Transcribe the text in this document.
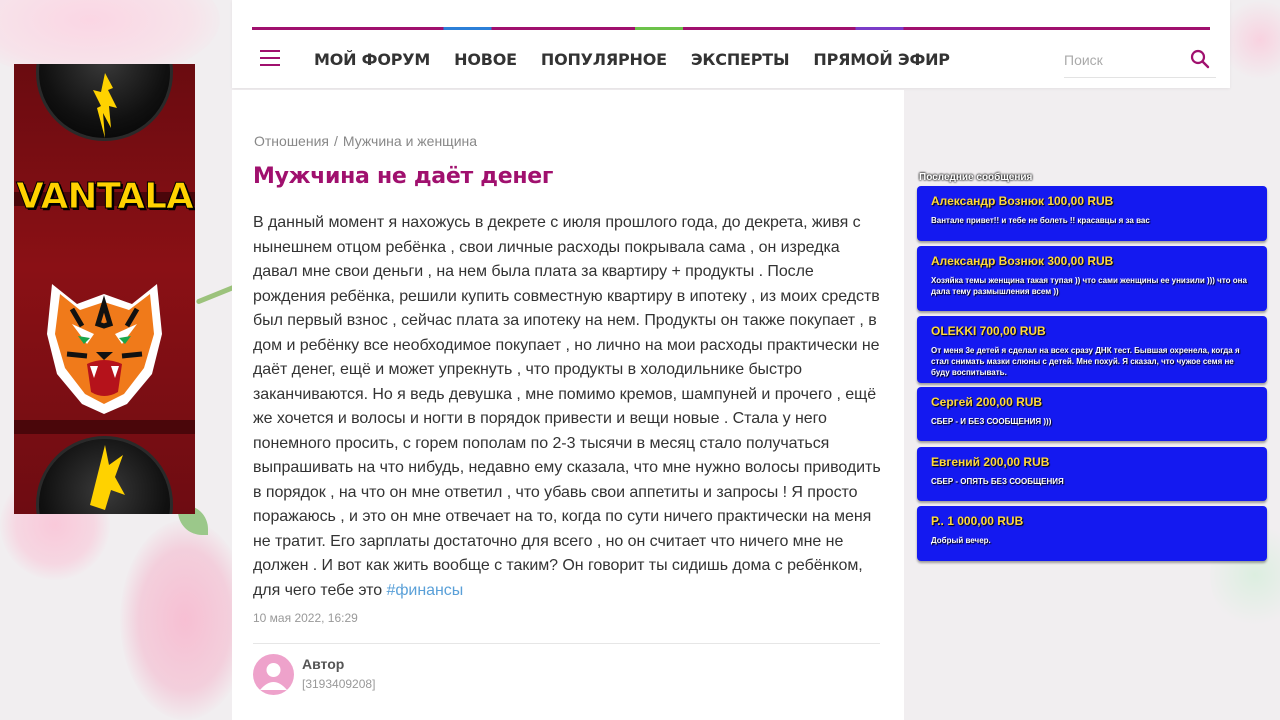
VANTALA
МОЙ ФОРУМ НОВОЕ ПОПУЛЯРНОЕ ЭКСПЕРТЫ ПРЯМОЙ ЭФИР
Поиск
Отношения / Мужчина и женщина
Мужчина не даёт денег
В данный момент я нахожусь в декрете с июля прошлого года, до декрета, живя с нынешнем отцом ребёнка , свои личные расходы покрывала сама , он изредка давал мне свои деньги , на нем была плата за квартиру + продукты . После рождения ребёнка, решили купить совместную квартиру в ипотеку , из моих средств был первый взнос , сейчас плата за ипотеку на нем. Продукты он также покупает , в дом и ребёнку все необходимое покупает , но лично на мои расходы практически не даёт денег, ещё и может упрекнуть , что продукты в холодильнике быстро заканчиваются. Но я ведь девушка , мне помимо кремов, шампуней и прочего , ещё же хочется и волосы и ногти в порядок привести и вещи новые . Стала у него понемного просить, с горем пополам по 2-3 тысячи в месяц стало получаться выпрашивать на что нибудь, недавно ему сказала, что мне нужно волосы приводить в порядок , на что он мне ответил , что убавь свои аппетиты и запросы ! Я просто поражаюсь , и это он мне отвечает на то, когда по сути ничего практически на меня не тратит. Его зарплаты достаточно для всего , но он считает что ничего мне не должен . И вот как жить вообще с таким? Он говорит ты сидишь дома с ребёнком, для чего тебе это #финансы
10 мая 2022, 16:29
Автор
[3193409208]
Последние сообщения
Александр Вознюк 100,00 RUB
Вантале привет!! и тебе не болеть !! красавцы я за вас
Александр Вознюк 300,00 RUB
Хозяйка темы женщина такая тупая )) что сами женщины ее унизили ))) что она дала тему размышления всем ))
OLEKKI 700,00 RUB
От меня 3е детей я сделал на всех сразу ДНК тест. Бывшая охренела, когда я стал снимать мазки слюны с детей. Мне похуй. Я сказал, что чужое семя не буду воспитывать.
Сергей 200,00 RUB
СБЕР - И БЕЗ СООБЩЕНИЯ )))
Евгений 200,00 RUB
СБЕР - ОПЯТЬ БЕЗ СООБЩЕНИЯ
Р.. 1 000,00 RUB
Добрый вечер.
